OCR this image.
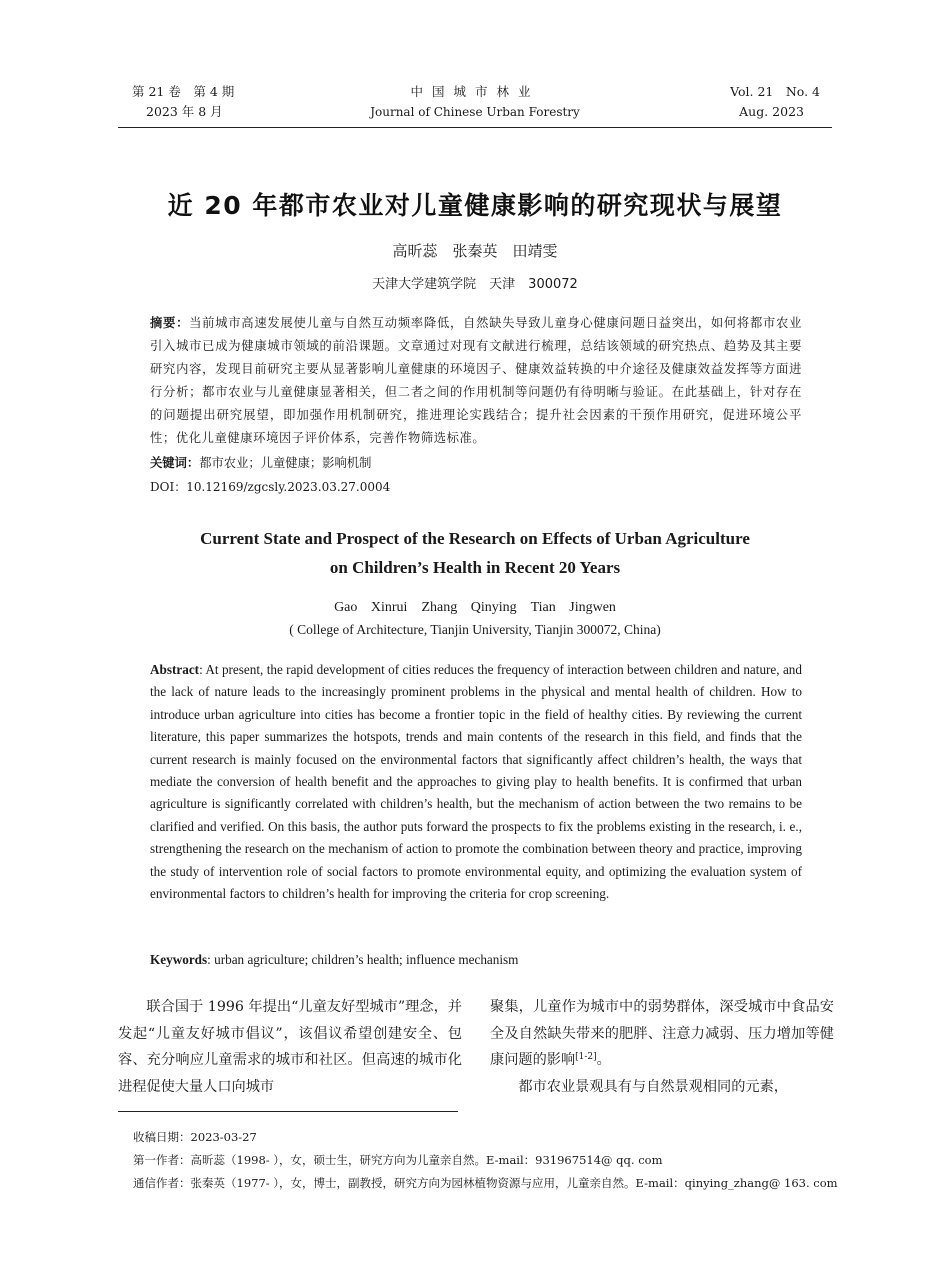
第 21 卷　第 4 期
2023 年 8 月
中国城市林业
Journal of Chinese Urban Forestry
Vol. 21　No. 4
Aug. 2023
近 20 年都市农业对儿童健康影响的研究现状与展望
高昕蕊　张秦英　田靖雯
天津大学建筑学院　天津　300072
摘要：当前城市高速发展使儿童与自然互动频率降低，自然缺失导致儿童身心健康问题日益突出，如何将都市农业引入城市已成为健康城市领域的前沿课题。文章通过对现有文献进行梳理，总结该领域的研究热点、趋势及其主要研究内容，发现目前研究主要从显著影响儿童健康的环境因子、健康效益转换的中介途径及健康效益发挥等方面进行分析；都市农业与儿童健康显著相关，但二者之间的作用机制等问题仍有待明晰与验证。在此基础上，针对存在的问题提出研究展望，即加强作用机制研究，推进理论实践结合；提升社会因素的干预作用研究，促进环境公平性；优化儿童健康环境因子评价体系，完善作物筛选标准。
关键词：都市农业；儿童健康；影响机制
DOI：10.12169/zgcsly.2023.03.27.0004
Current State and Prospect of the Research on Effects of Urban Agriculture
on Children’s Health in Recent 20 Years
Gao Xinrui　Zhang Qinying　Tian Jingwen
( College of Architecture, Tianjin University, Tianjin 300072, China)
Abstract: At present, the rapid development of cities reduces the frequency of interaction between children and nature, and the lack of nature leads to the increasingly prominent problems in the physical and mental health of children. How to introduce urban agriculture into cities has become a frontier topic in the field of healthy cities. By reviewing the current literature, this paper summarizes the hotspots, trends and main contents of the research in this field, and finds that the current research is mainly focused on the environmental factors that significantly affect children’s health, the ways that mediate the conversion of health benefit and the approaches to giving play to health benefits. It is confirmed that urban agriculture is significantly correlated with children’s health, but the mechanism of action between the two remains to be clarified and verified. On this basis, the author puts forward the prospects to fix the problems existing in the research, i. e., strengthening the research on the mechanism of action to promote the combination between theory and practice, improving the study of intervention role of social factors to promote environmental equity, and optimizing the evaluation system of environmental factors to children’s health for improving the criteria for crop screening.
Keywords: urban agriculture; children’s health; influence mechanism

联合国于 1996 年提出“儿童友好型城市”理念，并发起“儿童友好城市倡议”，该倡议希望创建安全、包容、充分响应儿童需求的城市和社区。但高速的城市化进程促使大量人口向城市

聚集，儿童作为城市中的弱势群体，深受城市中食品安全及自然缺失带来的肥胖、注意力减弱、压力增加等健康问题的影响[1-2]。

都市农业景观具有与自然景观相同的元素，

收稿日期：2023-03-27
第一作者：高昕蕊（1998- ），女，硕士生，研究方向为儿童亲自然。E-mail：931967514@ qq. com
通信作者：张秦英（1977- ），女，博士，副教授，研究方向为园林植物资源与应用，儿童亲自然。E-mail：qinying_zhang@ 163. com
